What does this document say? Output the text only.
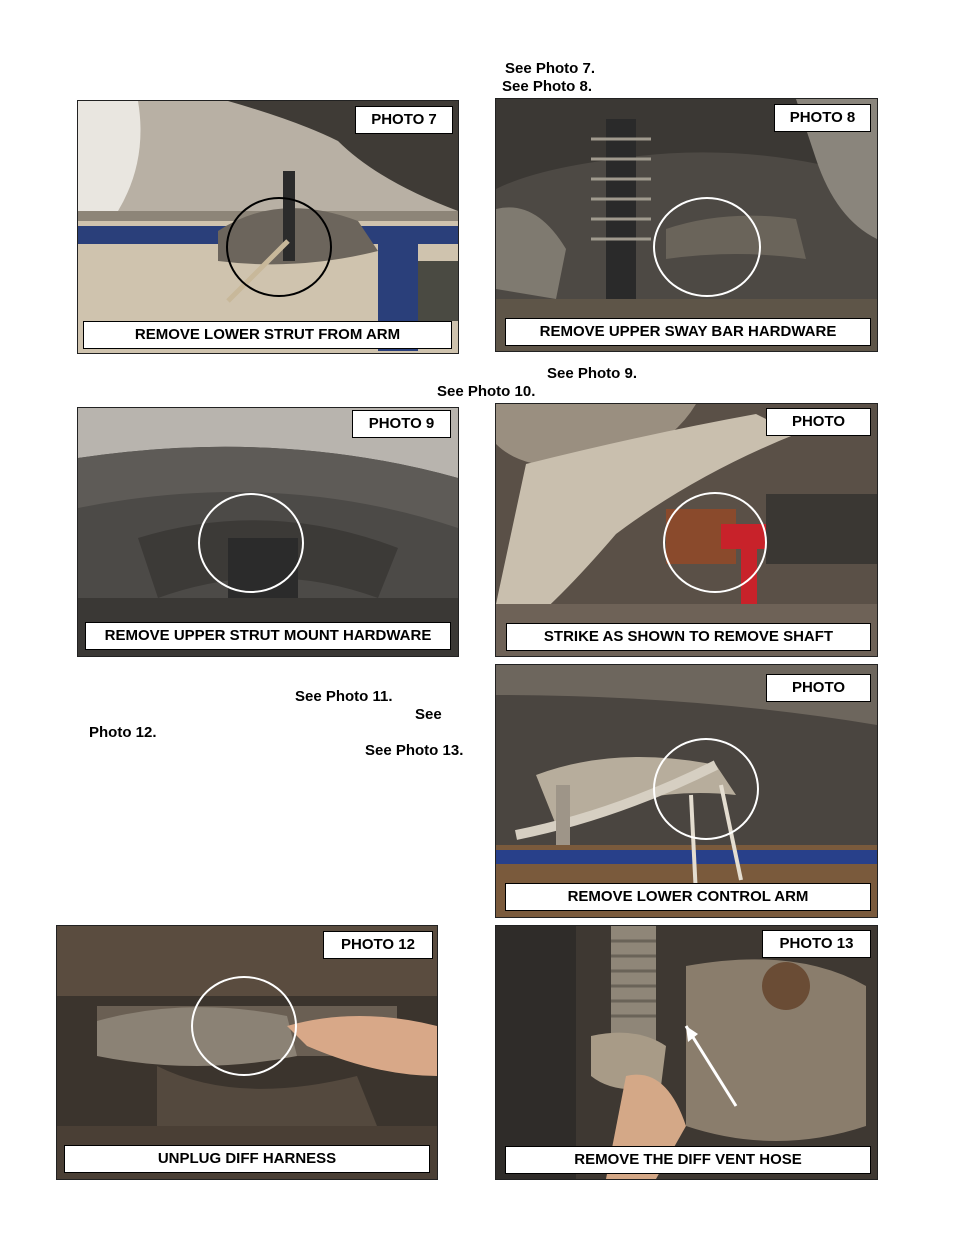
See Photo 7.
See Photo 8.
See Photo 9.
See Photo 10.
See Photo 11.
See
Photo 12.
See Photo 13.
PHOTO 7
REMOVE LOWER STRUT FROM ARM
PHOTO 8
REMOVE UPPER SWAY BAR HARDWARE
PHOTO 9
REMOVE UPPER STRUT MOUNT HARDWARE
PHOTO
STRIKE AS SHOWN TO REMOVE SHAFT
PHOTO
REMOVE LOWER CONTROL ARM
PHOTO 12
UNPLUG DIFF HARNESS
PHOTO 13
REMOVE THE DIFF VENT HOSE
